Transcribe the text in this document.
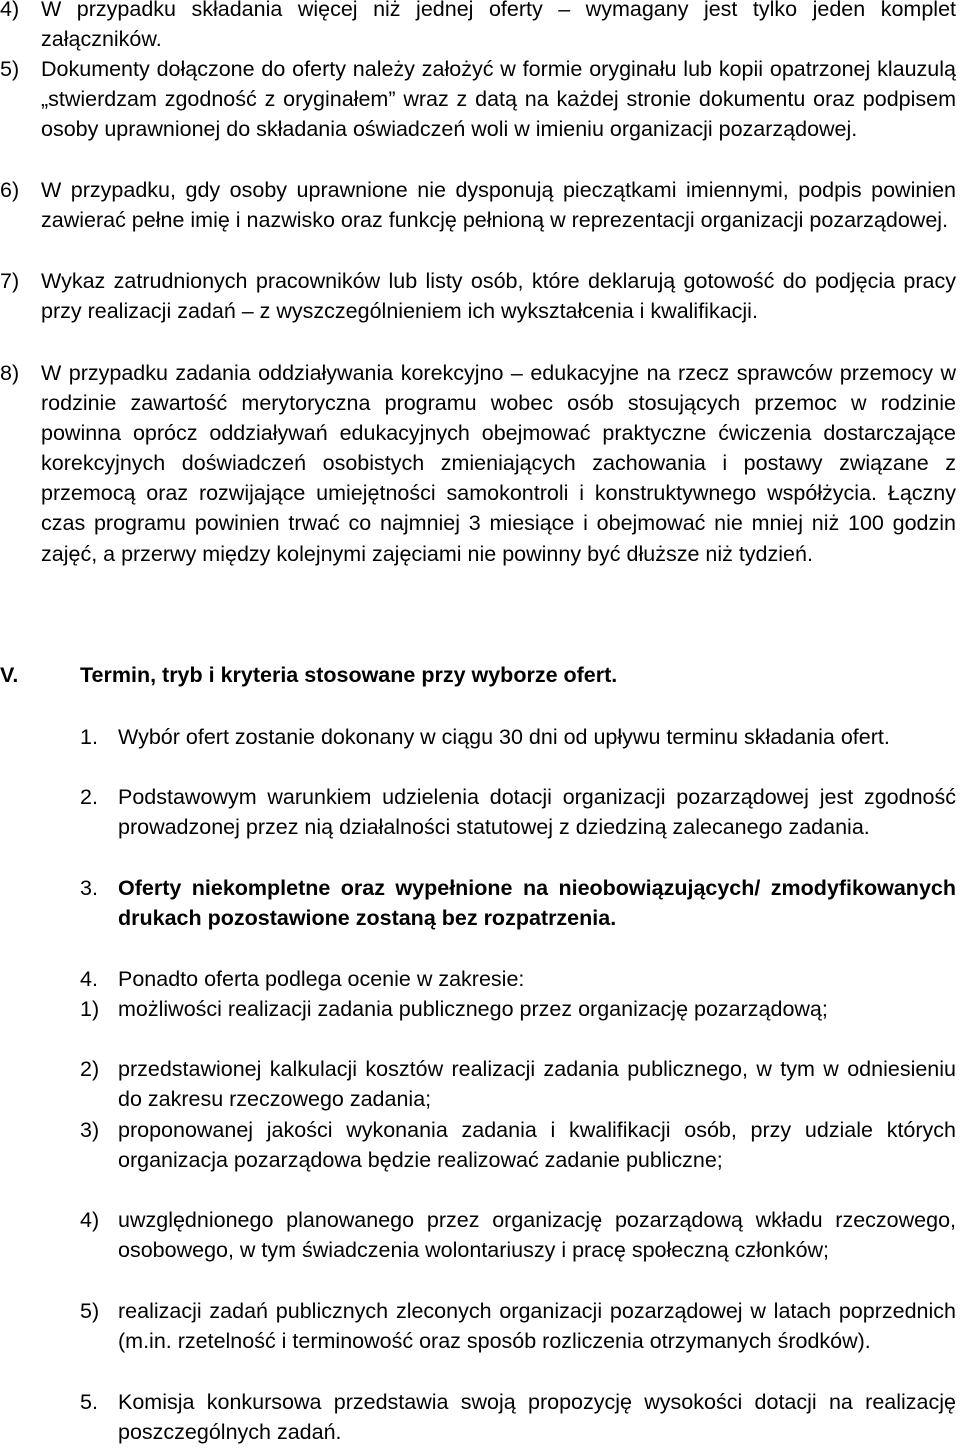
4) W przypadku składania więcej niż jednej oferty – wymagany jest tylko jeden komplet załączników.
5) Dokumenty dołączone do oferty należy założyć w formie oryginału lub kopii opatrzonej klauzulą „stwierdzam zgodność z oryginałem” wraz z datą na każdej stronie dokumentu oraz podpisem osoby uprawnionej do składania oświadczeń woli w imieniu organizacji pozarządowej.
6) W przypadku, gdy osoby uprawnione nie dysponują pieczątkami imiennymi, podpis powinien zawierać pełne imię i nazwisko oraz funkcję pełnioną w reprezentacji organizacji pozarządowej.
7) Wykaz zatrudnionych pracowników lub listy osób, które deklarują gotowość do podjęcia pracy przy realizacji zadań – z wyszczególnieniem ich wykształcenia i kwalifikacji.
8) W przypadku zadania oddziaływania korekcyjno – edukacyjne na rzecz sprawców przemocy w rodzinie zawartość merytoryczna programu wobec osób stosujących przemoc w rodzinie powinna oprócz oddziaływań edukacyjnych obejmować praktyczne ćwiczenia dostarczające korekcyjnych doświadczeń osobistych zmieniających zachowania i postawy związane z przemocą oraz rozwijające umiejętności samokontroli i konstruktywnego współżycia. Łączny czas programu powinien trwać co najmniej 3 miesiące i obejmować nie mniej niż 100 godzin zajęć, a przerwy między kolejnymi zajęciami nie powinny być dłuższe niż tydzień.
V.	Termin, tryb i kryteria stosowane przy wyborze ofert.
1. Wybór ofert zostanie dokonany w ciągu 30 dni od upływu terminu składania ofert.
2. Podstawowym warunkiem udzielenia dotacji organizacji pozarządowej jest zgodność prowadzonej przez nią działalności statutowej z dziedziną zalecanego zadania.
3. Oferty niekompletne oraz wypełnione na nieobowiązujących/ zmodyfikowanych drukach pozostawione zostaną bez rozpatrzenia.
4. Ponadto oferta podlega ocenie w zakresie:
1) możliwości realizacji zadania publicznego przez organizację pozarządową;
2) przedstawionej kalkulacji kosztów realizacji zadania publicznego, w tym w odniesieniu do zakresu rzeczowego zadania;
3) proponowanej jakości wykonania zadania i kwalifikacji osób, przy udziale których organizacja pozarządowa będzie realizować zadanie publiczne;
4) uwzględnionego planowanego przez organizację pozarządową wkładu rzeczowego, osobowego, w tym świadczenia wolontariuszy i pracę społeczną członków;
5) realizacji zadań publicznych zleconych organizacji pozarządowej w latach poprzednich (m.in. rzetelność i terminowość oraz sposób rozliczenia otrzymanych środków).
5. Komisja konkursowa przedstawia swoją propozycję wysokości dotacji na realizację poszczególnych zadań.
